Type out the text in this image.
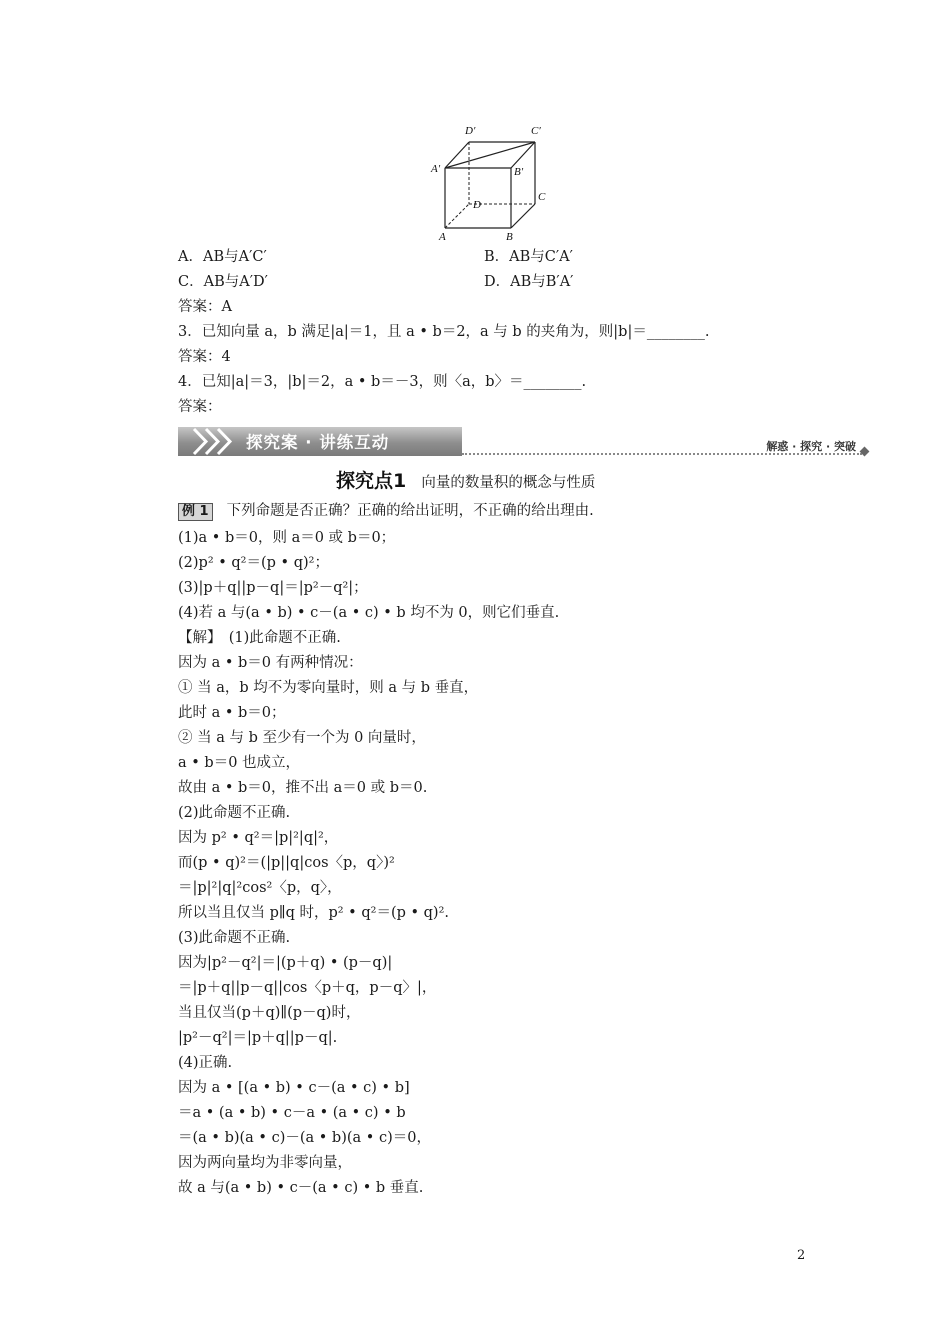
A	B
C
D
A′	B′
C′
D′
A．AB与A′C′	B．AB与C′A′
C．AB与A′D′	D．AB与B′A′
答案：A
3．已知向量 a，b 满足|a|＝1，且 a • b＝2，a 与 b 的夹角为，则|b|＝________.
答案：4
4．已知|a|＝3，|b|＝2，a • b＝－3，则〈a，b〉＝________.
答案：
探究案 · 讲练互动	解惑 · 探究 · 突破
探究点1 向量的数量积的概念与性质
例 1 下列命题是否正确？正确的给出证明，不正确的给出理由.
(1)a • b＝0，则 a＝0 或 b＝0；
(2)p² • q²＝(p • q)²；
(3)|p＋q||p－q|＝|p²－q²|；
(4)若 a 与(a • b) • c－(a • c) • b 均不为 0，则它们垂直.
【解】　(1)此命题不正确.
因为 a • b＝0 有两种情况：
① 当 a，b 均不为零向量时，则 a 与 b 垂直，
此时 a • b＝0；
② 当 a 与 b 至少有一个为 0 向量时，
a • b＝0 也成立，
故由 a • b＝0，推不出 a＝0 或 b＝0.
(2)此命题不正确.
因为 p² • q²＝|p|²|q|²，
而(p • q)²＝(|p||q|cos〈p，q〉)²
＝|p|²|q|²cos²〈p，q〉，
所以当且仅当 p∥q 时，p² • q²＝(p • q)².
(3)此命题不正确.
因为|p²－q²|＝|(p＋q) • (p－q)|
＝|p＋q||p－q||cos〈p＋q，p－q〉|，
当且仅当(p＋q)∥(p－q)时，
|p²－q²|＝|p＋q||p－q|.
(4)正确.
因为 a • [(a • b) • c－(a • c) • b]
＝a • (a • b) • c－a • (a • c) • b
＝(a • b)(a • c)－(a • b)(a • c)＝0，
因为两向量均为非零向量，
故 a 与(a • b) • c－(a • c) • b 垂直.
2
